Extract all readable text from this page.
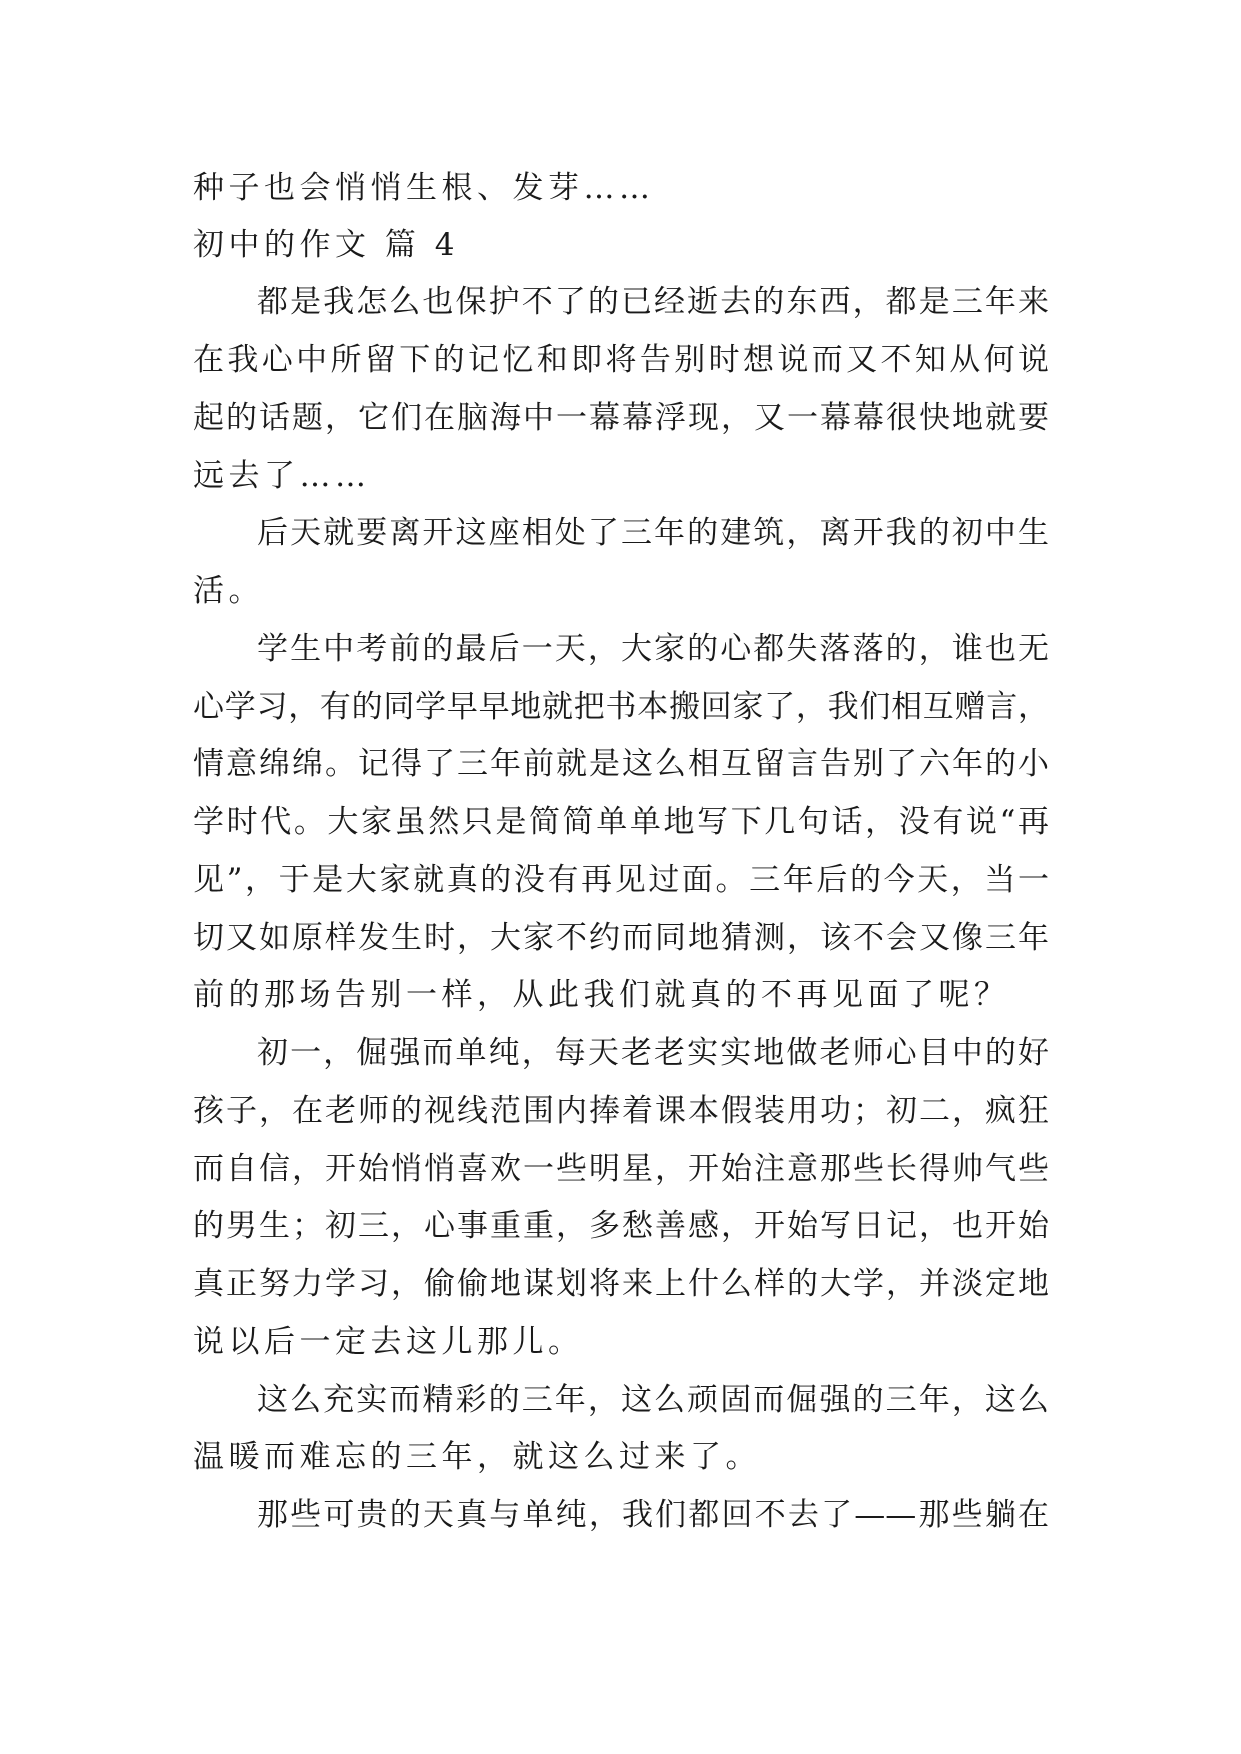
种子也会悄悄生根、发芽……
初中的作文 篇 4
都是我怎么也保护不了的已经逝去的东西，都是三年来
在我心中所留下的记忆和即将告别时想说而又不知从何说
起的话题，它们在脑海中一幕幕浮现，又一幕幕很快地就要
远去了……
后天就要离开这座相处了三年的建筑，离开我的初中生
活。
学生中考前的最后一天，大家的心都失落落的，谁也无
心学习，有的同学早早地就把书本搬回家了，我们相互赠言，
情意绵绵。记得了三年前就是这么相互留言告别了六年的小
学时代。大家虽然只是简简单单地写下几句话，没有说“再
见”，于是大家就真的没有再见过面。三年后的今天，当一
切又如原样发生时，大家不约而同地猜测，该不会又像三年
前的那场告别一样，从此我们就真的不再见面了呢？
初一，倔强而单纯，每天老老实实地做老师心目中的好
孩子，在老师的视线范围内捧着课本假装用功；初二，疯狂
而自信，开始悄悄喜欢一些明星，开始注意那些长得帅气些
的男生；初三，心事重重，多愁善感，开始写日记，也开始
真正努力学习，偷偷地谋划将来上什么样的大学，并淡定地
说以后一定去这儿那儿。
这么充实而精彩的三年，这么顽固而倔强的三年，这么
温暖而难忘的三年，就这么过来了。
那些可贵的天真与单纯，我们都回不去了——那些躺在
